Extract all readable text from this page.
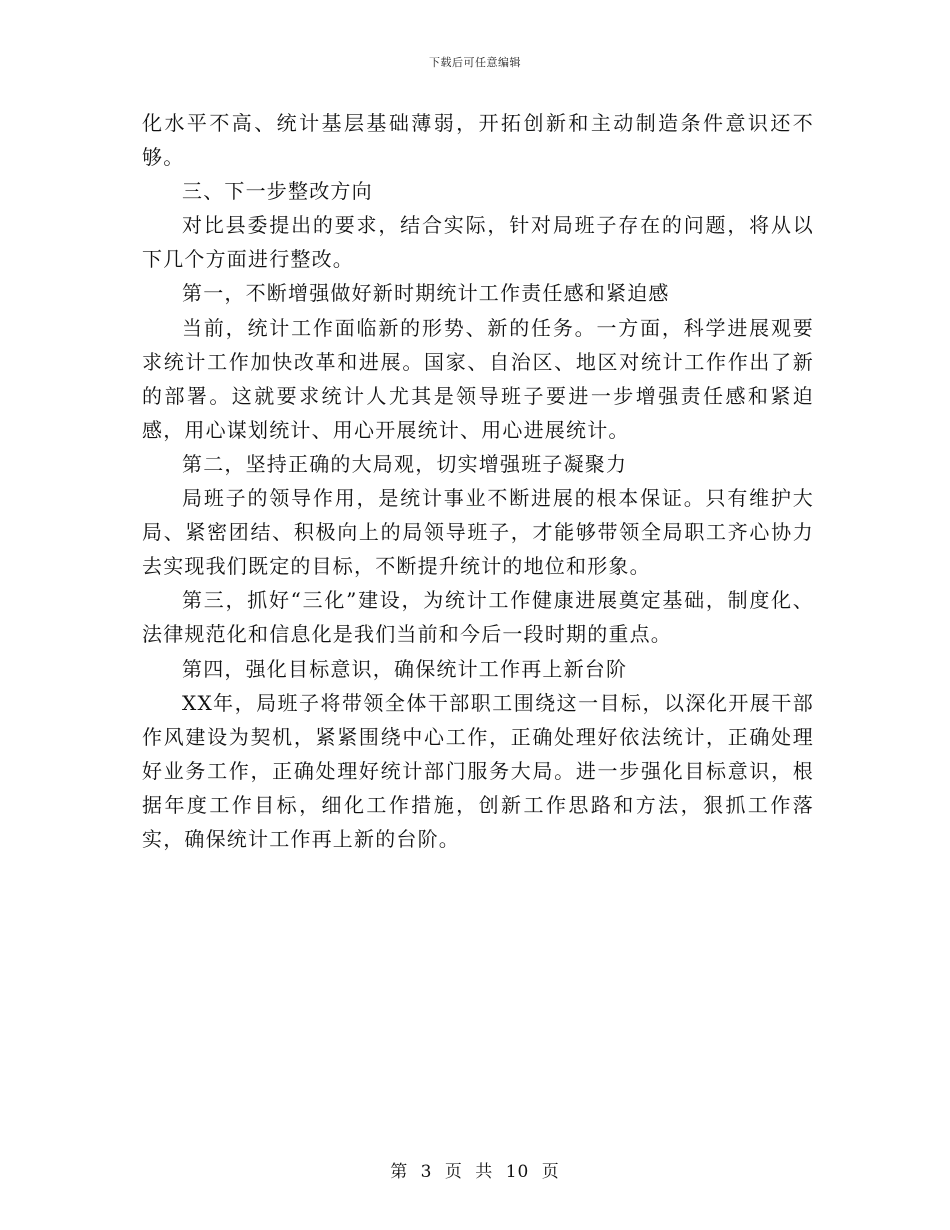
下载后可任意编辑

化水平不高、统计基层基础薄弱，开拓创新和主动制造条件意识还不够。

三、下一步整改方向

对比县委提出的要求，结合实际，针对局班子存在的问题，将从以下几个方面进行整改。

第一，不断增强做好新时期统计工作责任感和紧迫感

当前，统计工作面临新的形势、新的任务。一方面，科学进展观要求统计工作加快改革和进展。国家、自治区、地区对统计工作作出了新的部署。这就要求统计人尤其是领导班子要进一步增强责任感和紧迫感，用心谋划统计、用心开展统计、用心进展统计。

第二，坚持正确的大局观，切实增强班子凝聚力

局班子的领导作用，是统计事业不断进展的根本保证。只有维护大局、紧密团结、积极向上的局领导班子，才能够带领全局职工齐心协力去实现我们既定的目标，不断提升统计的地位和形象。

第三，抓好“三化”建设，为统计工作健康进展奠定基础，制度化、法律规范化和信息化是我们当前和今后一段时期的重点。

第四，强化目标意识，确保统计工作再上新台阶

XX年，局班子将带领全体干部职工围绕这一目标，以深化开展干部作风建设为契机，紧紧围绕中心工作，正确处理好依法统计，正确处理好业务工作，正确处理好统计部门服务大局。进一步强化目标意识，根据年度工作目标，细化工作措施，创新工作思路和方法，狠抓工作落实，确保统计工作再上新的台阶。

第 3 页 共 10 页
